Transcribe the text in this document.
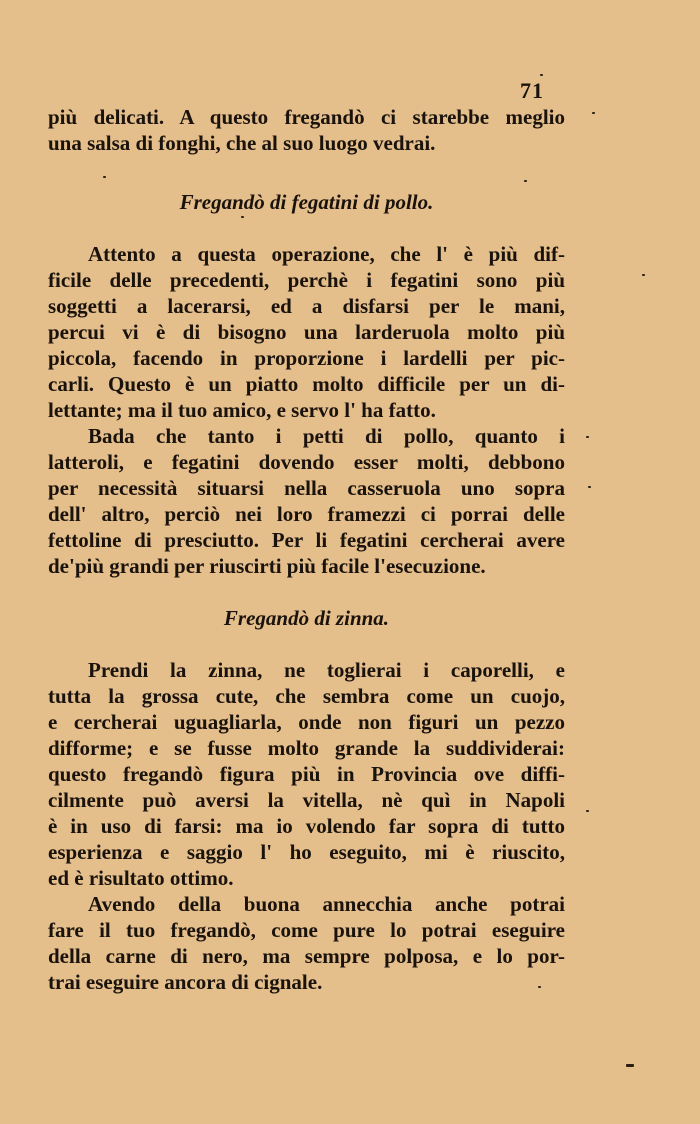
71
più delicati. A questo fregandò ci starebbe meglio
una salsa di fonghi, che al suo luogo vedrai.
Fregandò di fegatini di pollo.
Attento a questa operazione, che l' è più dif-
ficile delle precedenti, perchè i fegatini sono più
soggetti a lacerarsi, ed a disfarsi per le mani,
percui vi è di bisogno una larderuola molto più
piccola, facendo in proporzione i lardelli per pic-
carli. Questo è un piatto molto difficile per un di-
lettante; ma il tuo amico, e servo l' ha fatto.
Bada che tanto i petti di pollo, quanto i
latteroli, e fegatini dovendo esser molti, debbono
per necessità situarsi nella casseruola uno sopra
dell' altro, perciò nei loro framezzi ci porrai delle
fettoline di presciutto. Per li fegatini cercherai avere
de'più grandi per riuscirti più facile l'esecuzione.
Fregandò di zinna.
Prendi la zinna, ne toglierai i caporelli, e
tutta la grossa cute, che sembra come un cuojo,
e cercherai uguagliarla, onde non figuri un pezzo
difforme; e se fusse molto grande la suddividerai:
questo fregandò figura più in Provincia ove diffi-
cilmente può aversi la vitella, nè quì in Napoli
è in uso di farsi: ma io volendo far sopra di tutto
esperienza e saggio l' ho eseguito, mi è riuscito,
ed è risultato ottimo.
Avendo della buona annecchia anche potrai
fare il tuo fregandò, come pure lo potrai eseguire
della carne di nero, ma sempre polposa, e lo por-
trai eseguire ancora di cignale.
